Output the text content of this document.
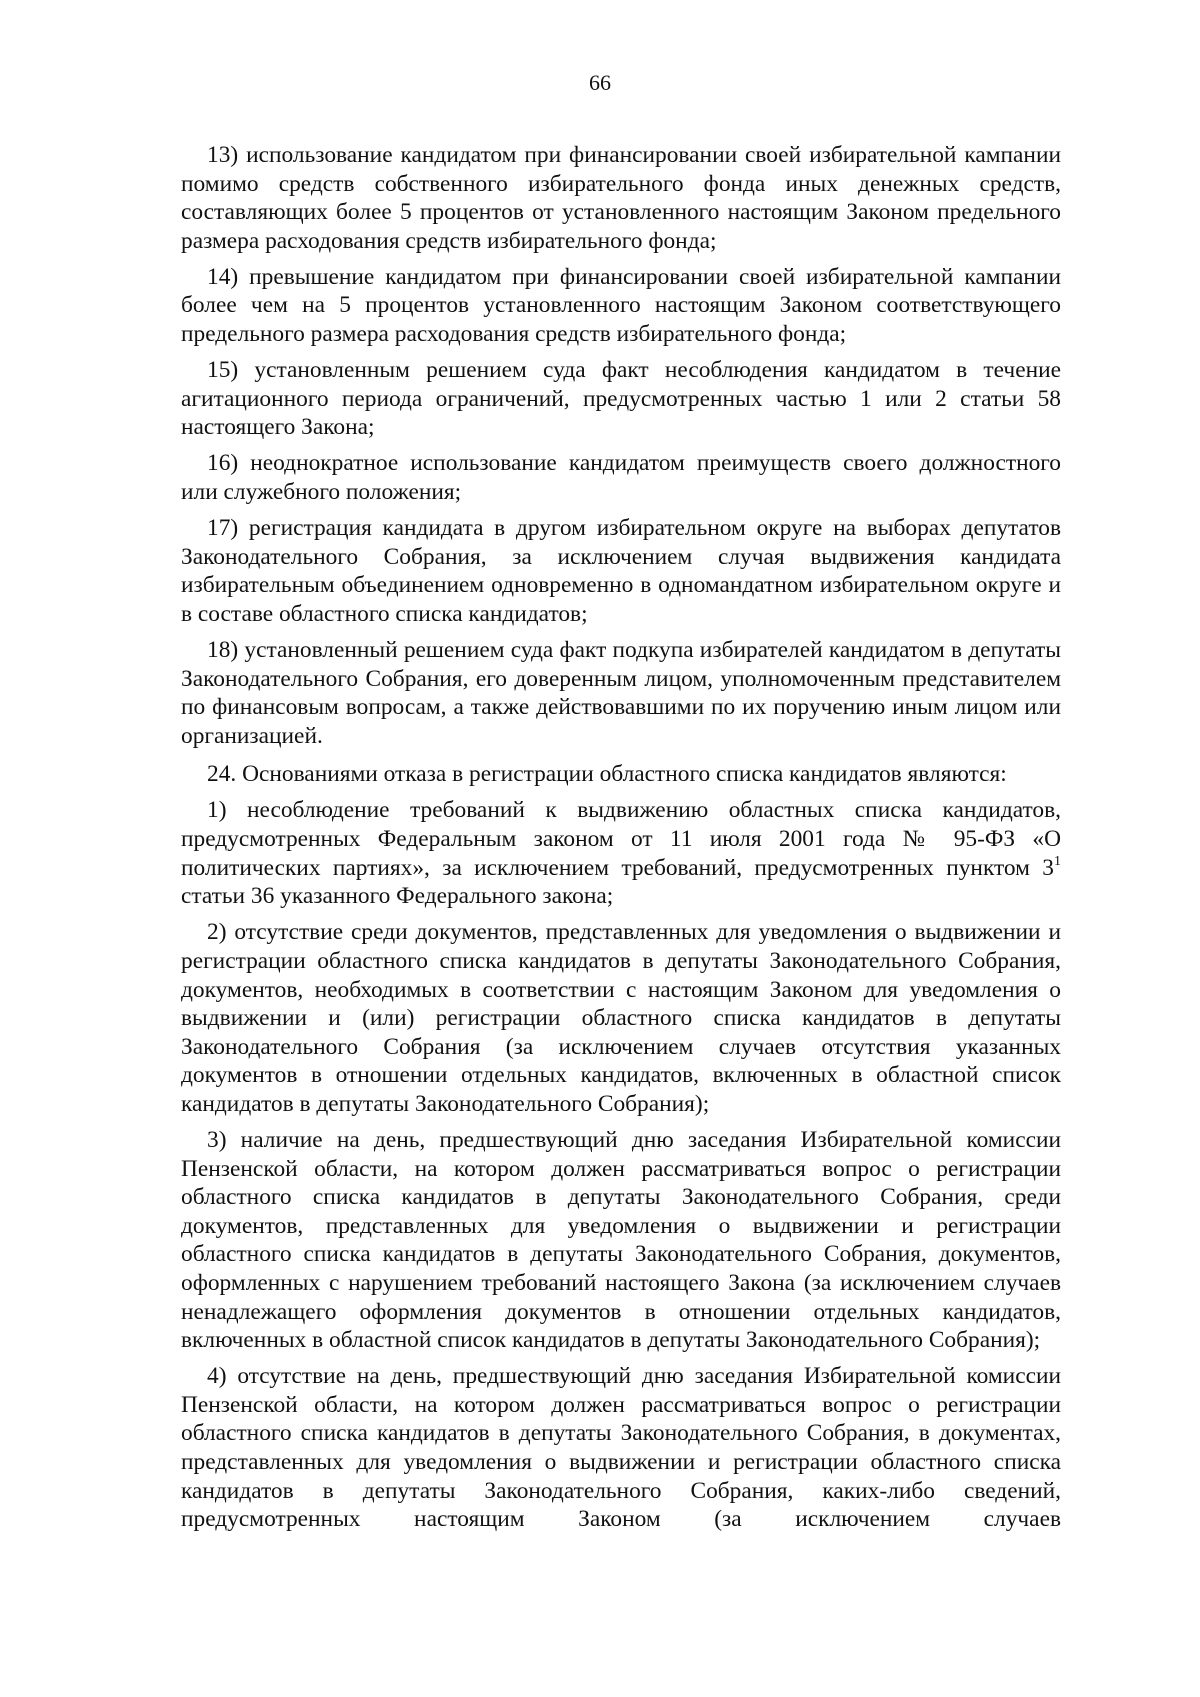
66

13) использование кандидатом при финансировании своей избирательной кампании помимо средств собственного избирательного фонда иных денежных средств, составляющих более 5 процентов от установленного настоящим Законом предельного размера расходования средств избирательного фонда;

14) превышение кандидатом при финансировании своей избирательной кампании более чем на 5 процентов установленного настоящим Законом соответствующего предельного размера расходования средств избирательного фонда;

15) установленным решением суда факт несоблюдения кандидатом в течение агитационного периода ограничений, предусмотренных частью 1 или 2 статьи 58 настоящего Закона;

16) неоднократное использование кандидатом преимуществ своего должностного или служебного положения;

17) регистрация кандидата в другом избирательном округе на выборах депутатов Законодательного Собрания, за исключением случая выдвижения кандидата избирательным объединением одновременно в одномандатном избирательном округе и в составе областного списка кандидатов;

18) установленный решением суда факт подкупа избирателей кандидатом в депутаты Законодательного Собрания, его доверенным лицом, уполномоченным представителем по финансовым вопросам, а также действовавшими по их поручению иным лицом или организацией.

24. Основаниями отказа в регистрации областного списка кандидатов являются:

1) несоблюдение требований к выдвижению областных списка кандидатов, предусмотренных Федеральным законом от 11 июля 2001 года № 95-ФЗ «О политических партиях», за исключением требований, предусмотренных пунктом $3^1$ статьи 36 указанного Федерального закона;

2) отсутствие среди документов, представленных для уведомления о выдвижении и регистрации областного списка кандидатов в депутаты Законодательного Собрания, документов, необходимых в соответствии с настоящим Законом для уведомления о выдвижении и (или) регистрации областного списка кандидатов в депутаты Законодательного Собрания (за исключением случаев отсутствия указанных документов в отношении отдельных кандидатов, включенных в областной список кандидатов в депутаты Законодательного Собрания);

3) наличие на день, предшествующий дню заседания Избирательной комиссии Пензенской области, на котором должен рассматриваться вопрос о регистрации областного списка кандидатов в депутаты Законодательного Собрания, среди документов, представленных для уведомления о выдвижении и регистрации областного списка кандидатов в депутаты Законодательного Собрания, документов, оформленных с нарушением требований настоящего Закона (за исключением случаев ненадлежащего оформления документов в отношении отдельных кандидатов, включенных в областной список кандидатов в депутаты Законодательного Собрания);

4) отсутствие на день, предшествующий дню заседания Избирательной комиссии Пензенской области, на котором должен рассматриваться вопрос о регистрации областного списка кандидатов в депутаты Законодательного Собрания, в документах, представленных для уведомления о выдвижении и регистрации областного списка кандидатов в депутаты Законодательного Собрания, каких-либо сведений, предусмотренных настоящим Законом (за исключением случаев
